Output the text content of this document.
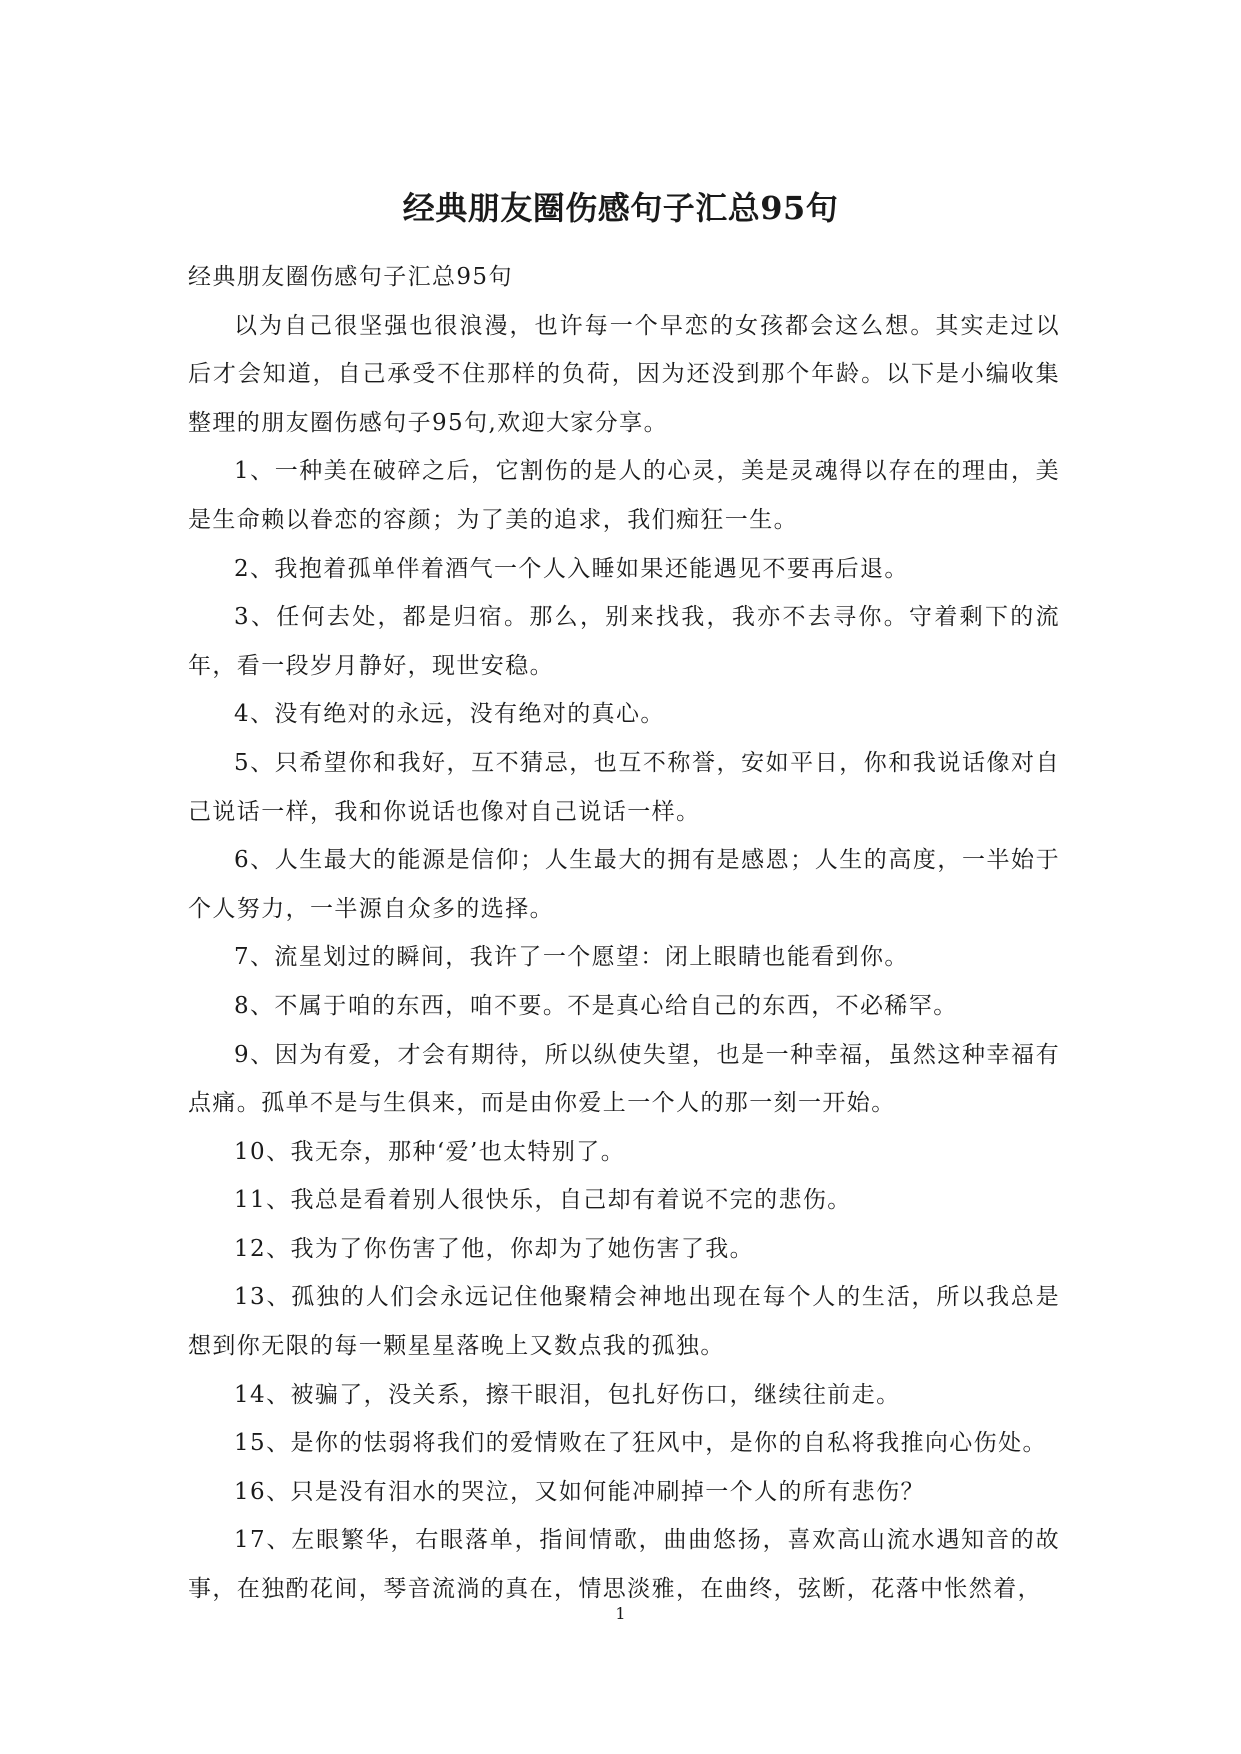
经典朋友圈伤感句子汇总95句

经典朋友圈伤感句子汇总95句

以为自己很坚强也很浪漫，也许每一个早恋的女孩都会这么想。其实走过以后才会知道，自己承受不住那样的负荷，因为还没到那个年龄。以下是小编收集整理的朋友圈伤感句子95句,欢迎大家分享。

1、一种美在破碎之后，它割伤的是人的心灵，美是灵魂得以存在的理由，美是生命赖以眷恋的容颜；为了美的追求，我们痴狂一生。

2、我抱着孤单伴着酒气一个人入睡如果还能遇见不要再后退。

3、任何去处，都是归宿。那么，别来找我，我亦不去寻你。守着剩下的流年，看一段岁月静好，现世安稳。

4、没有绝对的永远，没有绝对的真心。

5、只希望你和我好，互不猜忌，也互不称誉，安如平日，你和我说话像对自己说话一样，我和你说话也像对自己说话一样。

6、人生最大的能源是信仰；人生最大的拥有是感恩；人生的高度，一半始于个人努力，一半源自众多的选择。

7、流星划过的瞬间，我许了一个愿望：闭上眼睛也能看到你。

8、不属于咱的东西，咱不要。不是真心给自己的东西，不必稀罕。

9、因为有爱，才会有期待，所以纵使失望，也是一种幸福，虽然这种幸福有点痛。孤单不是与生俱来，而是由你爱上一个人的那一刻一开始。

10、我无奈，那种‘爱’也太特别了。

11、我总是看着别人很快乐，自己却有着说不完的悲伤。

12、我为了你伤害了他，你却为了她伤害了我。

13、孤独的人们会永远记住他聚精会神地出现在每个人的生活，所以我总是想到你无限的每一颗星星落晚上又数点我的孤独。

14、被骗了，没关系，擦干眼泪，包扎好伤口，继续往前走。

15、是你的怯弱将我们的爱情败在了狂风中，是你的自私将我推向心伤处。

16、只是没有泪水的哭泣，又如何能冲刷掉一个人的所有悲伤？

17、左眼繁华，右眼落单，指间情歌，曲曲悠扬，喜欢高山流水遇知音的故事，在独酌花间，琴音流淌的真在，情思淡雅，在曲终，弦断，花落中怅然着，

1
